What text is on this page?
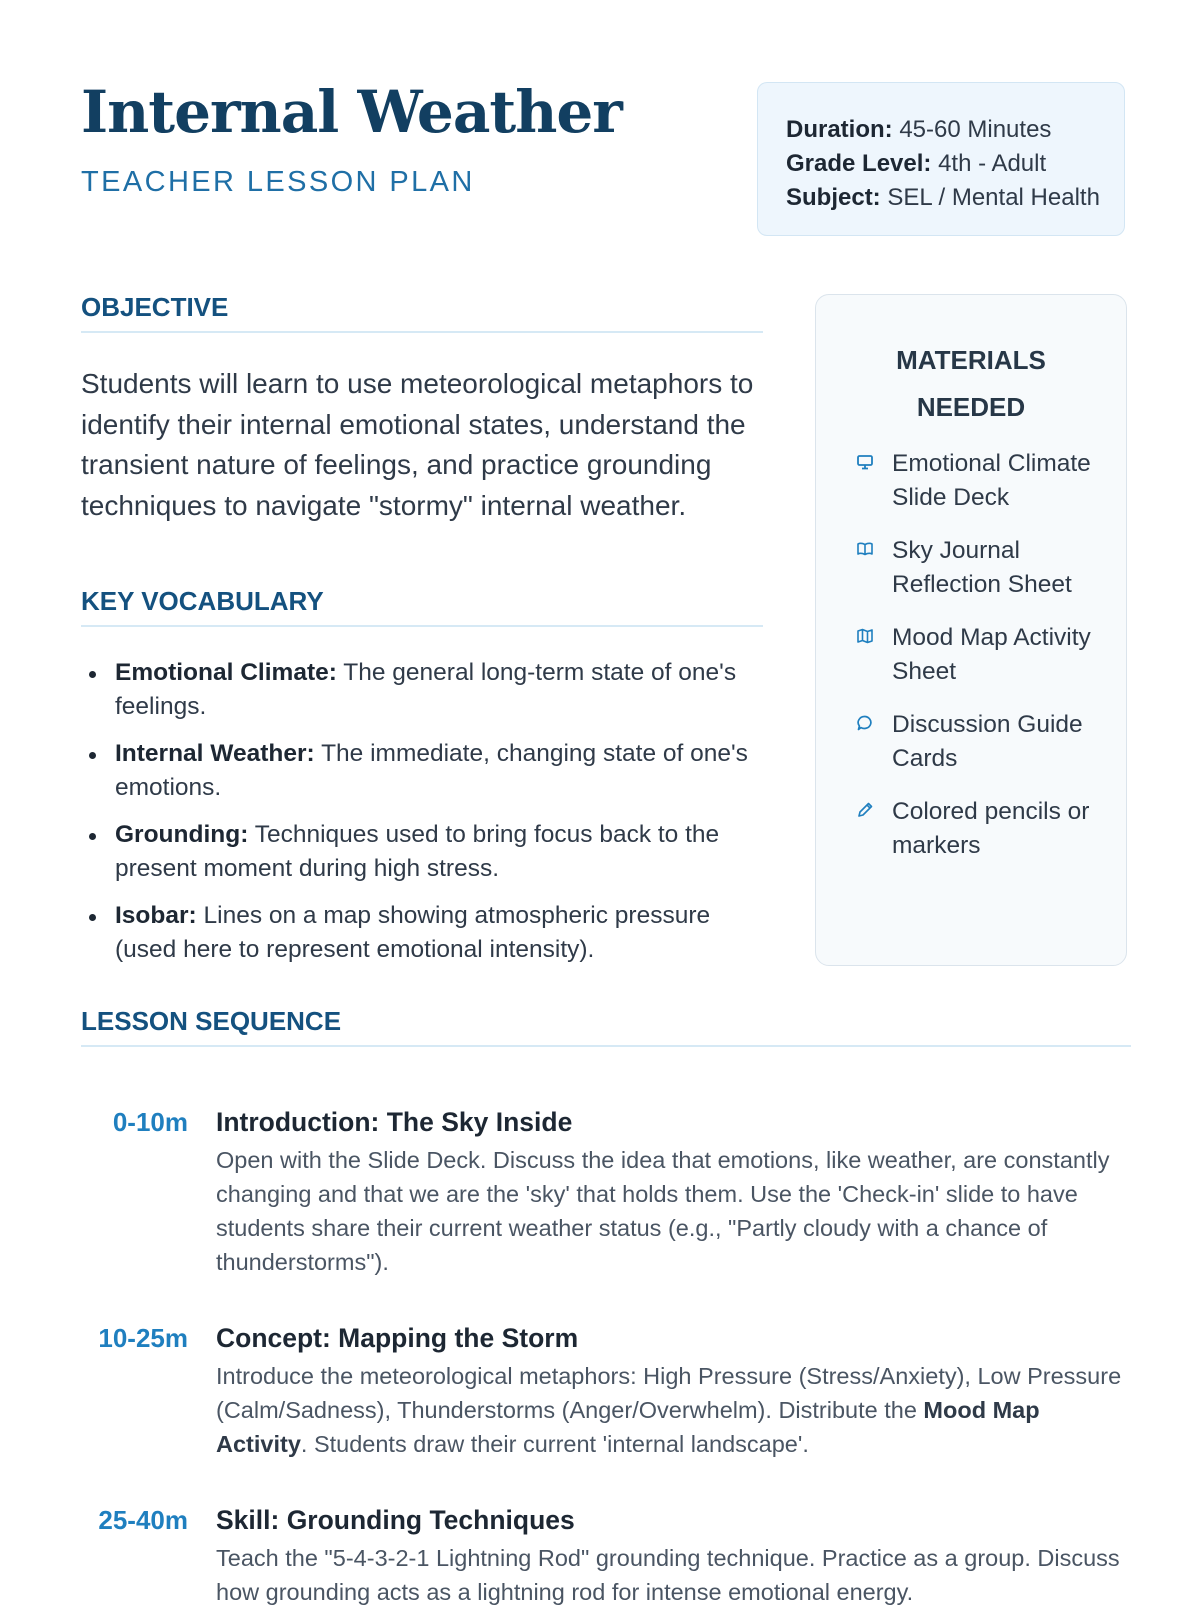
Internal Weather
TEACHER LESSON PLAN
Duration: 45-60 Minutes
Grade Level: 4th - Adult
Subject: SEL / Mental Health
OBJECTIVE

Students will learn to use meteorological metaphors to identify their internal emotional states, understand the transient nature of feelings, and practice grounding techniques to navigate "stormy" internal weather.

KEY VOCABULARY
Emotional Climate: The general long-term state of one's feelings.
Internal Weather: The immediate, changing state of one's emotions.
Grounding: Techniques used to bring focus back to the present moment during high stress.
Isobar: Lines on a map showing atmospheric pressure (used here to represent emotional intensity).
MATERIALS
NEEDED
Emotional Climate Slide Deck
Sky Journal Reflection Sheet
Mood Map Activity Sheet
Discussion Guide Cards
Colored pencils or markers
LESSON SEQUENCE
0-10m Introduction: The Sky Inside

Open with the Slide Deck. Discuss the idea that emotions, like weather, are constantly changing and that we are the 'sky' that holds them. Use the 'Check-in' slide to have students share their current weather status (e.g., "Partly cloudy with a chance of thunderstorms").

10-25m Concept: Mapping the Storm

Introduce the meteorological metaphors: High Pressure (Stress/Anxiety), Low Pressure (Calm/Sadness), Thunderstorms (Anger/Overwhelm). Distribute the Mood Map Activity. Students draw their current 'internal landscape'.

25-40m Skill: Grounding Techniques

Teach the "5-4-3-2-1 Lightning Rod" grounding technique. Practice as a group. Discuss how grounding acts as a lightning rod for intense emotional energy.
